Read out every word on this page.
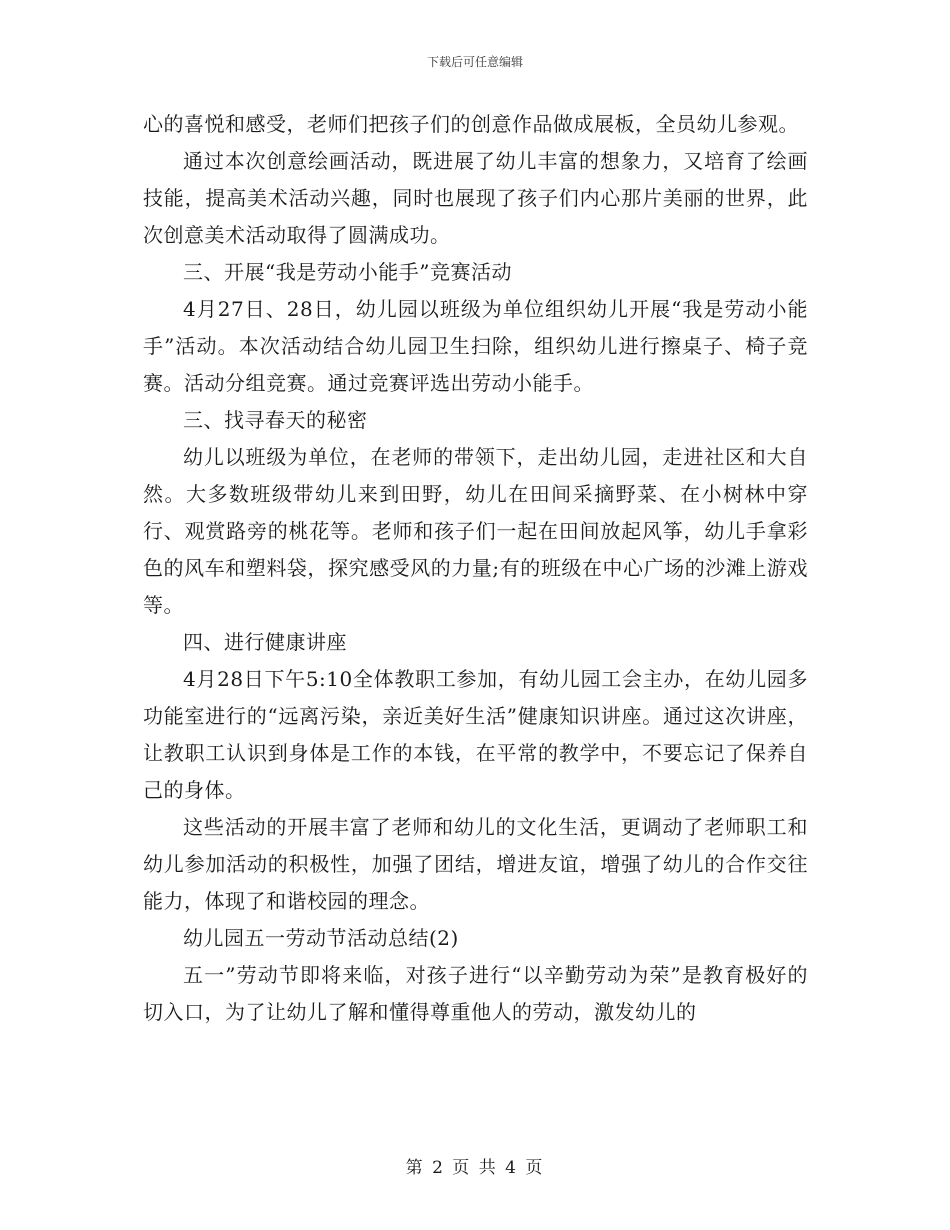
下载后可任意编辑

心的喜悦和感受，老师们把孩子们的创意作品做成展板，全员幼儿参观。

通过本次创意绘画活动，既进展了幼儿丰富的想象力，又培育了绘画技能，提高美术活动兴趣，同时也展现了孩子们内心那片美丽的世界，此次创意美术活动取得了圆满成功。

三、开展“我是劳动小能手”竞赛活动

4月27日、28日，幼儿园以班级为单位组织幼儿开展“我是劳动小能手”活动。本次活动结合幼儿园卫生扫除，组织幼儿进行擦桌子、椅子竞赛。活动分组竞赛。通过竞赛评选出劳动小能手。

三、找寻春天的秘密

幼儿以班级为单位，在老师的带领下，走出幼儿园，走进社区和大自然。大多数班级带幼儿来到田野，幼儿在田间采摘野菜、在小树林中穿行、观赏路旁的桃花等。老师和孩子们一起在田间放起风筝，幼儿手拿彩色的风车和塑料袋，探究感受风的力量;有的班级在中心广场的沙滩上游戏等。

四、进行健康讲座

4月28日下午5:10全体教职工参加，有幼儿园工会主办，在幼儿园多功能室进行的“远离污染，亲近美好生活”健康知识讲座。通过这次讲座，让教职工认识到身体是工作的本钱，在平常的教学中，不要忘记了保养自己的身体。

这些活动的开展丰富了老师和幼儿的文化生活，更调动了老师职工和幼儿参加活动的积极性，加强了团结，增进友谊，增强了幼儿的合作交往能力，体现了和谐校园的理念。

幼儿园五一劳动节活动总结(2)

五一”劳动节即将来临，对孩子进行“以辛勤劳动为荣”是教育极好的切入口，为了让幼儿了解和懂得尊重他人的劳动，激发幼儿的

第 2 页 共 4 页
